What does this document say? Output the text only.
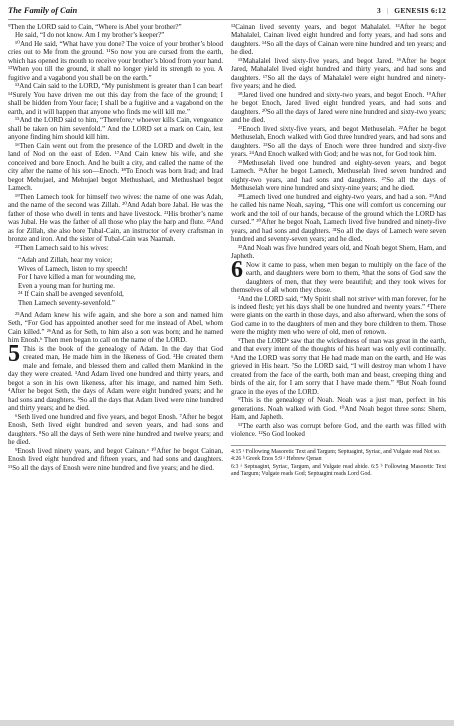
The Family of Cain	3 | GENESIS 6:12

⁹Then the LORD said to Cain, “Where is Abel your brother?”

He said, “I do not know. Am I my brother’s keeper?”

¹⁰And He said, “What have you done? The voice of your brother’s blood cries out to Me from the ground. ¹¹So now you are cursed from the earth, which has opened its mouth to receive your brother’s blood from your hand. ¹²When you till the ground, it shall no longer yield its strength to you. A fugitive and a vagabond you shall be on the earth.”

¹³And Cain said to the LORD, “My punishment is greater than I can bear! ¹⁴Surely You have driven me out this day from the face of the ground; I shall be hidden from Your face; I shall be a fugitive and a vagabond on the earth, and it will happen that anyone who finds me will kill me.”

¹⁵And the LORD said to him, “Therefore,ᵃ whoever kills Cain, vengeance shall be taken on him sevenfold.” And the LORD set a mark on Cain, lest anyone finding him should kill him.

¹⁶Then Cain went out from the presence of the LORD and dwelt in the land of Nod on the east of Eden. ¹⁷And Cain knew his wife, and she conceived and bore Enoch. And he built a city, and called the name of the city after the name of his son—Enoch. ¹⁸To Enoch was born Irad; and Irad begot Mehujael, and Mehujael begot Methushael, and Methushael begot Lamech.

¹⁹Then Lamech took for himself two wives: the name of one was Adah, and the name of the second was Zillah. ²⁰And Adah bore Jabal. He was the father of those who dwell in tents and have livestock. ²¹His brother’s name was Jubal. He was the father of all those who play the harp and flute. ²²And as for Zillah, she also bore Tubal-Cain, an instructor of every craftsman in bronze and iron. And the sister of Tubal-Cain was Naamah.

²³Then Lamech said to his wives:

“Adah and Zillah, hear my voice;

Wives of Lamech, listen to my speech!

For I have killed a man for wounding me,

Even a young man for hurting me.

²⁴ If Cain shall be avenged sevenfold,

Then Lamech seventy-sevenfold.”

²⁵And Adam knew his wife again, and she bore a son and named him Seth, “For God has appointed another seed for me instead of Abel, whom Cain killed.” ²⁶And as for Seth, to him also a son was born; and he named him Enosh.ᵇ Then men began to call on the name of the LORD.

5 This is the book of the genealogy of Adam. In the day that God created man, He made him in the likeness of God. ²He created them male and female, and blessed them and called them Mankind in the day they were created. ³And Adam lived one hundred and thirty years, and begot a son in his own likeness, after his image, and named him Seth. ⁴After he begot Seth, the days of Adam were eight hundred years; and he had sons and daughters. ⁵So all the days that Adam lived were nine hundred and thirty years; and he died.

⁶Seth lived one hundred and five years, and begot Enosh. ⁷After he begot Enosh, Seth lived eight hundred and seven years, and had sons and daughters. ⁸So all the days of Seth were nine hundred and twelve years; and he died.

⁹Enosh lived ninety years, and begot Cainan.ᵃ ¹⁰After he begot Cainan, Enosh lived eight hundred and fifteen years, and had sons and daughters. ¹¹So all the days of Enosh were nine hundred and five years; and he died.

¹²Cainan lived seventy years, and begot Mahalalel. ¹³After he begot Mahalalel, Cainan lived eight hundred and forty years, and had sons and daughters. ¹⁴So all the days of Cainan were nine hundred and ten years; and he died.

¹⁵Mahalalel lived sixty-five years, and begot Jared. ¹⁶After he begot Jared, Mahalalel lived eight hundred and thirty years, and had sons and daughters. ¹⁷So all the days of Mahalalel were eight hundred and ninety-five years; and he died.

¹⁸Jared lived one hundred and sixty-two years, and begot Enoch. ¹⁹After he begot Enoch, Jared lived eight hundred years, and had sons and daughters. ²⁰So all the days of Jared were nine hundred and sixty-two years; and he died.

²¹Enoch lived sixty-five years, and begot Methuselah. ²²After he begot Methuselah, Enoch walked with God three hundred years, and had sons and daughters. ²³So all the days of Enoch were three hundred and sixty-five years. ²⁴And Enoch walked with God; and he was not, for God took him.

²⁵Methuselah lived one hundred and eighty-seven years, and begot Lamech. ²⁶After he begot Lamech, Methuselah lived seven hundred and eighty-two years, and had sons and daughters. ²⁷So all the days of Methuselah were nine hundred and sixty-nine years; and he died.

²⁸Lamech lived one hundred and eighty-two years, and had a son. ²⁹And he called his name Noah, saying, “This one will comfort us concerning our work and the toil of our hands, because of the ground which the LORD has cursed.” ³⁰After he begot Noah, Lamech lived five hundred and ninety-five years, and had sons and daughters. ³¹So all the days of Lamech were seven hundred and seventy-seven years; and he died.

³²And Noah was five hundred years old, and Noah begot Shem, Ham, and Japheth.

6 Now it came to pass, when men began to multiply on the face of the earth, and daughters were born to them, ²that the sons of God saw the daughters of men, that they were beautiful; and they took wives for themselves of all whom they chose.

³And the LORD said, “My Spirit shall not striveᵃ with man forever, for he is indeed flesh; yet his days shall be one hundred and twenty years.” ⁴There were giants on the earth in those days, and also afterward, when the sons of God came in to the daughters of men and they bore children to them. Those were the mighty men who were of old, men of renown.

⁵Then the LORDᵇ saw that the wickedness of man was great in the earth, and that every intent of the thoughts of his heart was only evil continually. ⁶And the LORD was sorry that He had made man on the earth, and He was grieved in His heart. ⁷So the LORD said, “I will destroy man whom I have created from the face of the earth, both man and beast, creeping thing and birds of the air, for I am sorry that I have made them.” ⁸But Noah found grace in the eyes of the LORD.

⁹This is the genealogy of Noah. Noah was a just man, perfect in his generations. Noah walked with God. ¹⁰And Noah begot three sons: Shem, Ham, and Japheth.

¹¹The earth also was corrupt before God, and the earth was filled with violence. ¹²So God looked

4:15 ᵃ Following Masoretic Text and Targum; Septuagint, Syriac, and Vulgate read Not so.

4:26 ᵇ Greek Enos 5:9 ᵃ Hebrew Qenan

6:3 ᵃ Septuagint, Syriac, Targum, and Vulgate read abide. 6:5 ᵇ Following Masoretic Text and Targum; Vulgate reads God; Septuagint reads Lord God.
